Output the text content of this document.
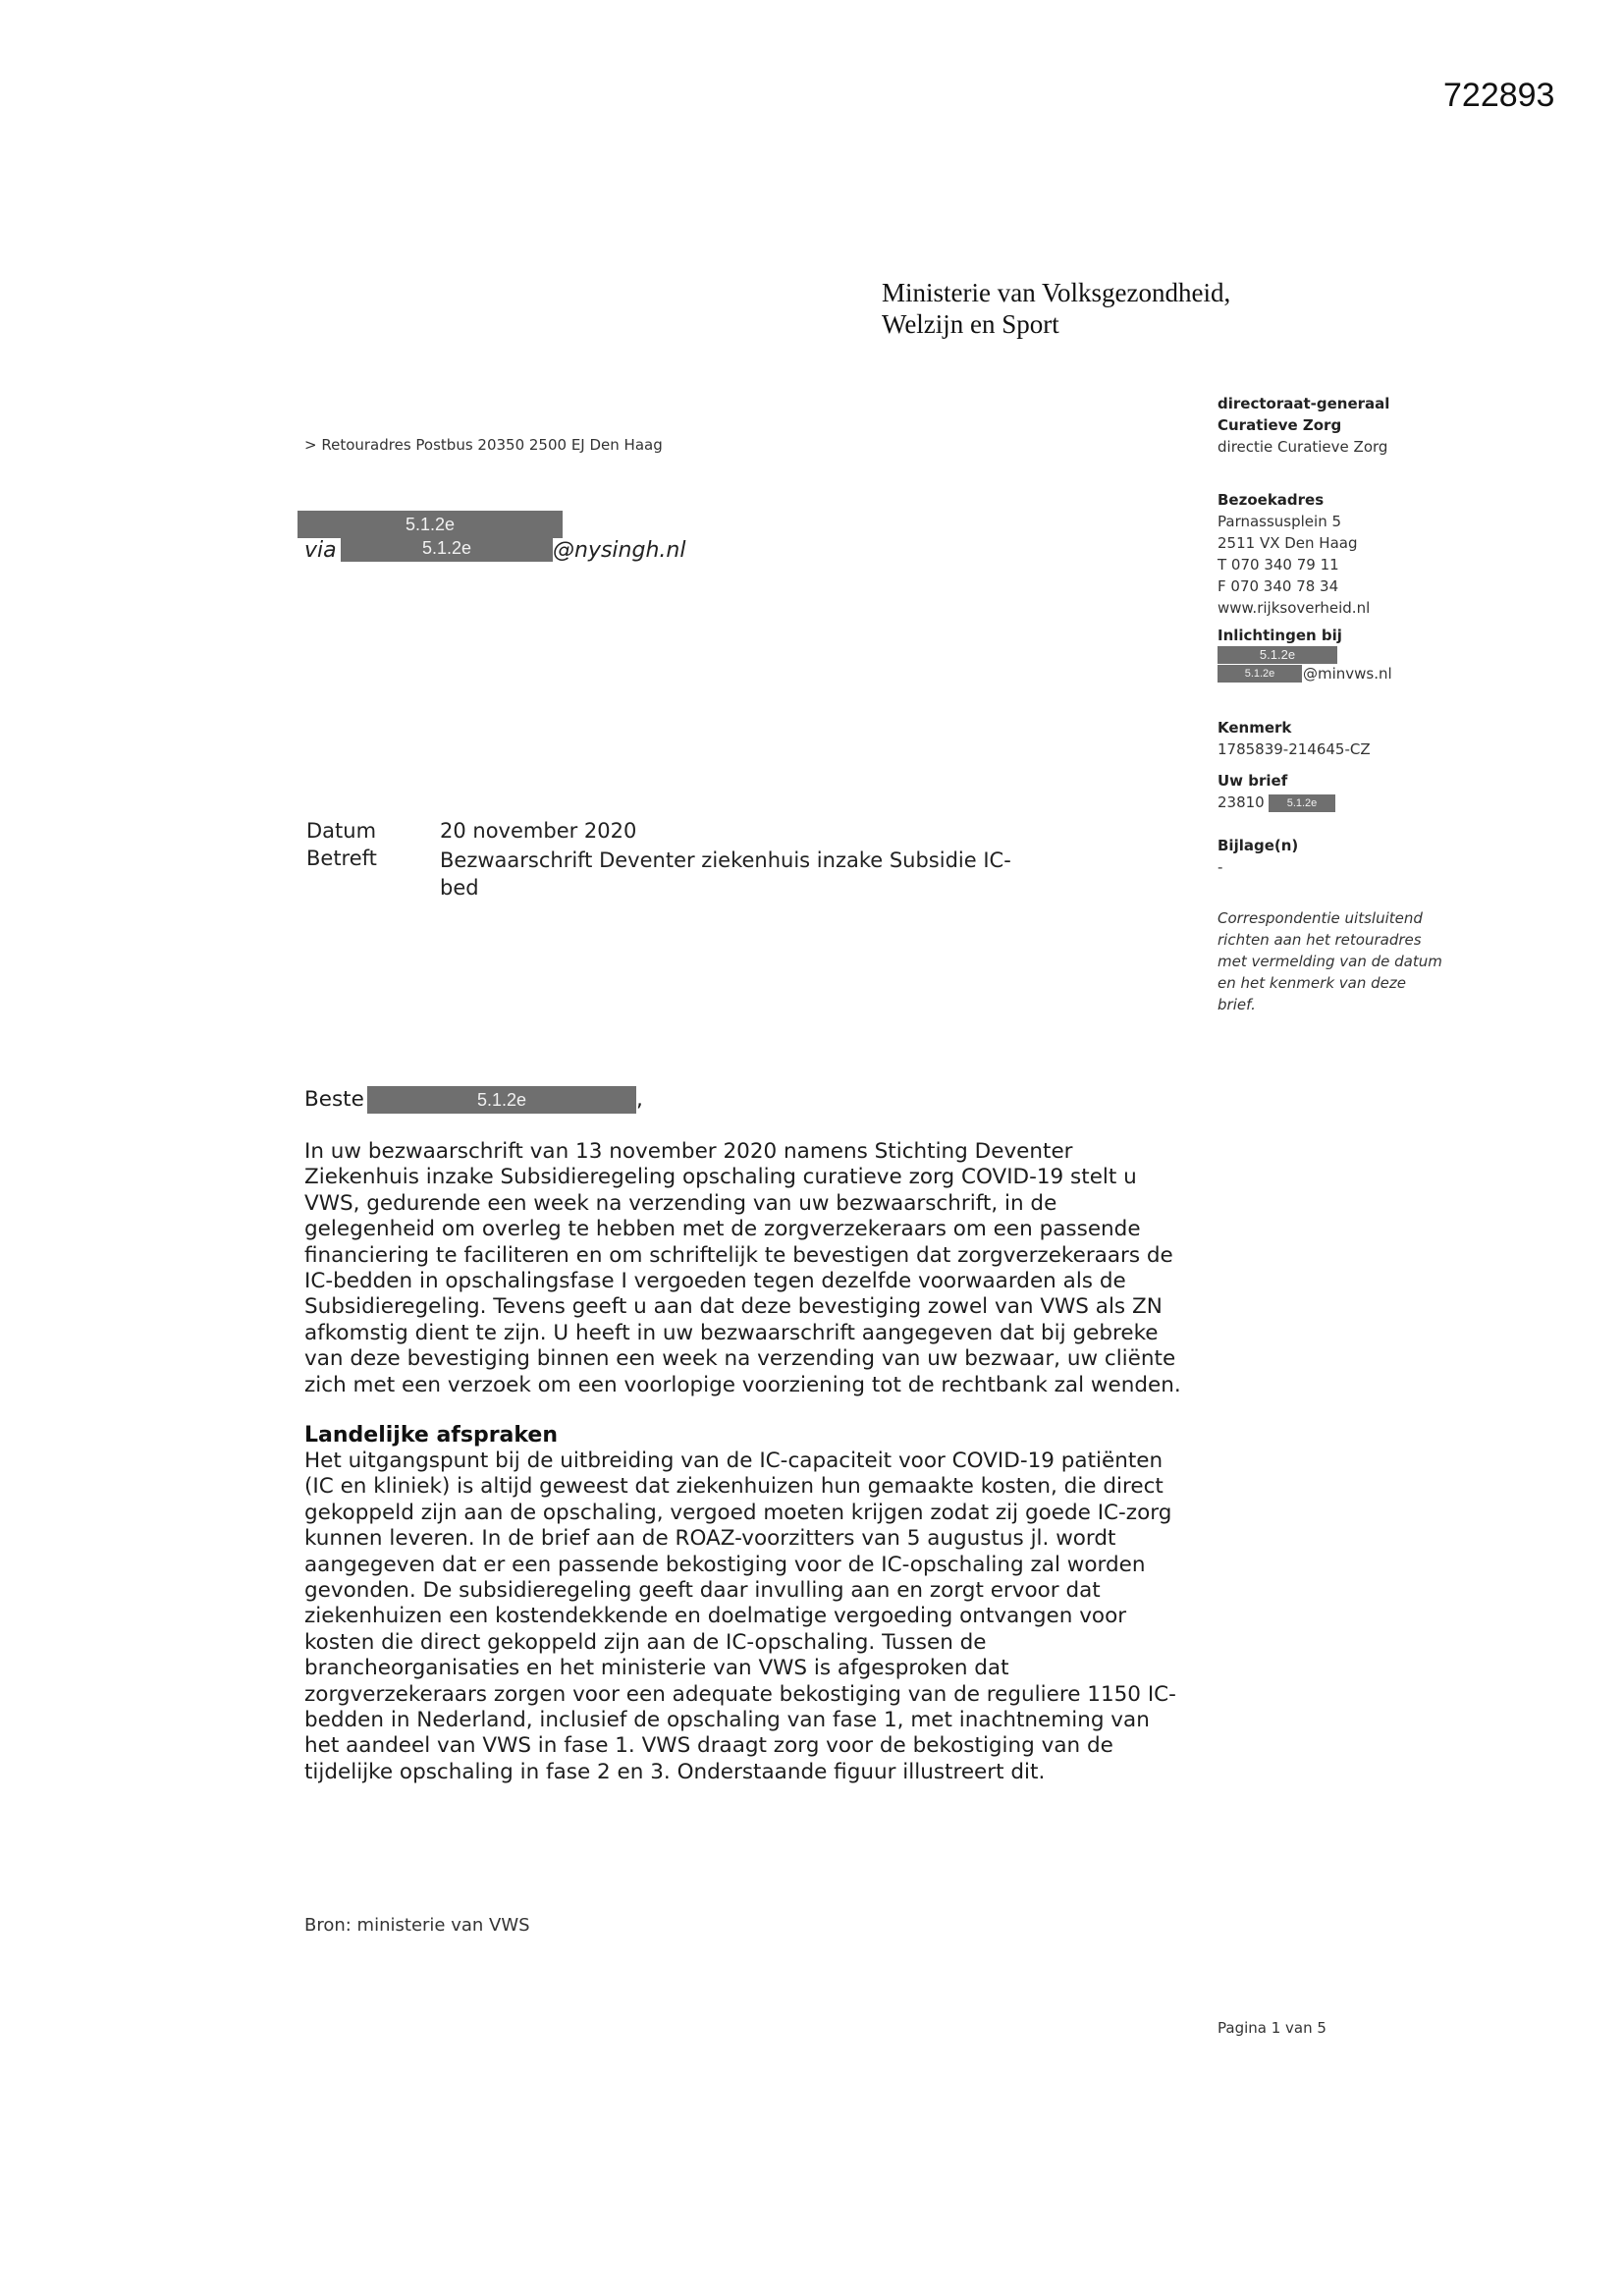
722893
Ministerie van Volksgezondheid,
Welzijn en Sport
> Retouradres Postbus 20350 2500 EJ Den Haag
5.1.2e
via	5.1.2e	@nysingh.nl
directoraat-generaal
Curatieve Zorg
directie Curatieve Zorg
Bezoekadres
Parnassusplein 5
2511 VX Den Haag
T 070 340 79 11
F 070 340 78 34
www.rijksoverheid.nl
Inlichtingen bij
5.1.2e
5.1.2e	@minvws.nl
Kenmerk
1785839-214645-CZ
Uw brief
23810	5.1.2e
Bijlage(n)
-
Correspondentie uitsluitend
richten aan het retouradres
met vermelding van de datum
en het kenmerk van deze
brief.
Datum	20 november 2020
Betreft	Bezwaarschrift Deventer ziekenhuis inzake Subsidie IC-
bed
Beste	5.1.2e	,
In uw bezwaarschrift van 13 november 2020 namens Stichting Deventer
Ziekenhuis inzake Subsidieregeling opschaling curatieve zorg COVID-19 stelt u
VWS, gedurende een week na verzending van uw bezwaarschrift, in de
gelegenheid om overleg te hebben met de zorgverzekeraars om een passende
financiering te faciliteren en om schriftelijk te bevestigen dat zorgverzekeraars de
IC-bedden in opschalingsfase I vergoeden tegen dezelfde voorwaarden als de
Subsidieregeling. Tevens geeft u aan dat deze bevestiging zowel van VWS als ZN
afkomstig dient te zijn. U heeft in uw bezwaarschrift aangegeven dat bij gebreke
van deze bevestiging binnen een week na verzending van uw bezwaar, uw cliënte
zich met een verzoek om een voorlopige voorziening tot de rechtbank zal wenden.
Landelijke afspraken
Het uitgangspunt bij de uitbreiding van de IC-capaciteit voor COVID-19 patiënten
(IC en kliniek) is altijd geweest dat ziekenhuizen hun gemaakte kosten, die direct
gekoppeld zijn aan de opschaling, vergoed moeten krijgen zodat zij goede IC-zorg
kunnen leveren. In de brief aan de ROAZ-voorzitters van 5 augustus jl. wordt
aangegeven dat er een passende bekostiging voor de IC-opschaling zal worden
gevonden. De subsidieregeling geeft daar invulling aan en zorgt ervoor dat
ziekenhuizen een kostendekkende en doelmatige vergoeding ontvangen voor
kosten die direct gekoppeld zijn aan de IC-opschaling. Tussen de
brancheorganisaties en het ministerie van VWS is afgesproken dat
zorgverzekeraars zorgen voor een adequate bekostiging van de reguliere 1150 IC-
bedden in Nederland, inclusief de opschaling van fase 1, met inachtneming van
het aandeel van VWS in fase 1. VWS draagt zorg voor de bekostiging van de
tijdelijke opschaling in fase 2 en 3. Onderstaande figuur illustreert dit.
Bron: ministerie van VWS
Pagina 1 van 5
